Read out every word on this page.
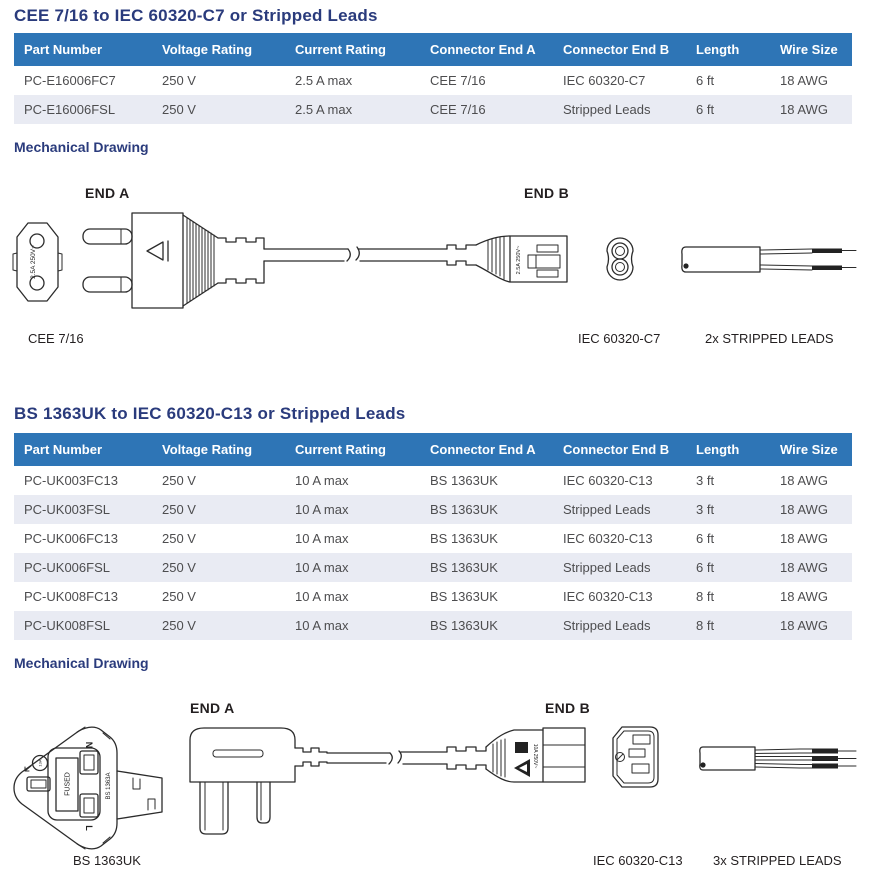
CEE 7/16 to IEC 60320-C7 or Stripped Leads
Part Number	Voltage Rating	Current Rating	Connector End A	Connector End B	Length	Wire Size
PC-E16006FC7	250 V	2.5 A max	CEE 7/16	IEC 60320-C7	6 ft	18 AWG
PC-E16006FSL	250 V	2.5 A max	CEE 7/16	Stripped Leads	6 ft	18 AWG
Mechanical Drawing
END A	END B
2.5A 250V~	2.5A 250V~
CEE 7/16	IEC 60320-C7	2x STRIPPED LEADS
BS 1363UK to IEC 60320-C13 or Stripped Leads
Part Number	Voltage Rating	Current Rating	Connector End A	Connector End B	Length	Wire Size
PC-UK003FC13	250 V	10 A max	BS 1363UK	IEC 60320-C13	3 ft	18 AWG
PC-UK003FSL	250 V	10 A max	BS 1363UK	Stripped Leads	3 ft	18 AWG
PC-UK006FC13	250 V	10 A max	BS 1363UK	IEC 60320-C13	6 ft	18 AWG
PC-UK006FSL	250 V	10 A max	BS 1363UK	Stripped Leads	6 ft	18 AWG
PC-UK008FC13	250 V	10 A max	BS 1363UK	IEC 60320-C13	8 ft	18 AWG
PC-UK008FSL	250 V	10 A max	BS 1363UK	Stripped Leads	8 ft	18 AWG
Mechanical Drawing
END A	END B
FUSED
13A
N
L
BS 1363A
10A 250V~
BS 1363UK	IEC 60320-C13 3x STRIPPED LEADS
